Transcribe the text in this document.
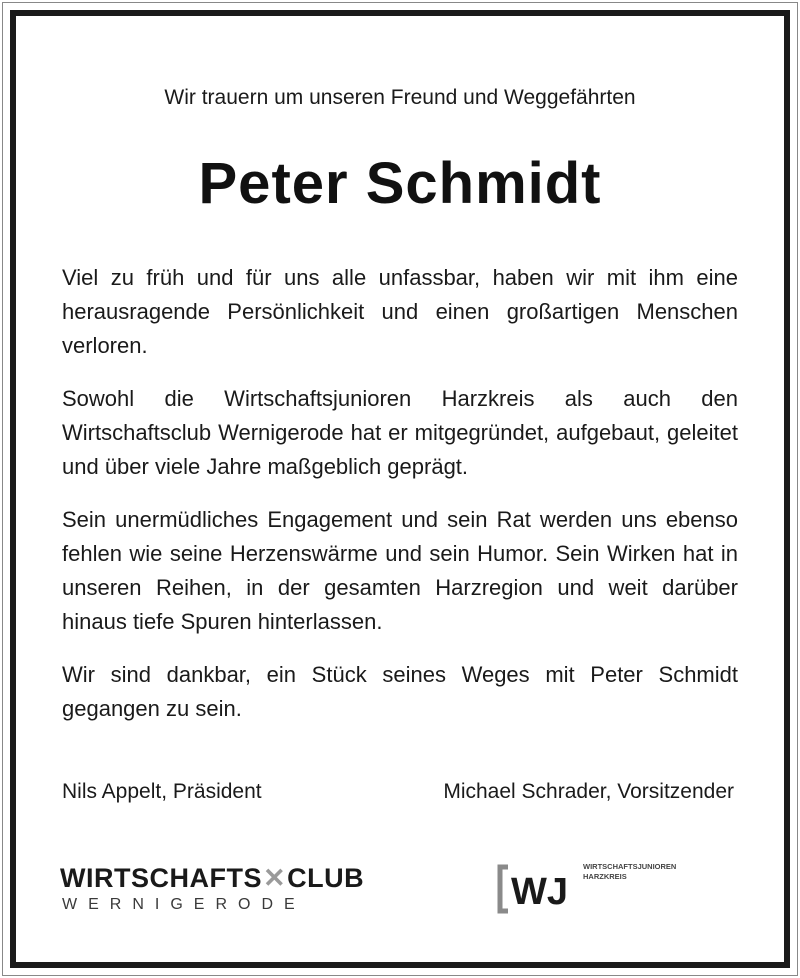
Wir trauern um unseren Freund und Weggefährten
Peter Schmidt

Viel zu früh und für uns alle unfassbar, haben wir mit ihm eine herausragende Persönlichkeit und einen großartigen Menschen verloren.

Sowohl die Wirtschaftsjunioren Harzkreis als auch den Wirtschaftsclub Wernigerode hat er mitgegründet, aufgebaut, geleitet und über viele Jahre maßgeblich geprägt.

Sein unermüdliches Engagement und sein Rat werden uns ebenso fehlen wie seine Herzenswärme und sein Humor. Sein Wirken hat in unseren Reihen, in der gesamten Harzregion und weit darüber hinaus tiefe Spuren hinterlassen.

Wir sind dankbar, ein Stück seines Weges mit Peter Schmidt gegangen zu sein.

Nils Appelt, Präsident	Michael Schrader, Vorsitzender
WIRTSCHAFTS✕CLUB
WERNIGERODE	WJ
WIRTSCHAFTSJUNIOREN
HARZKREIS
